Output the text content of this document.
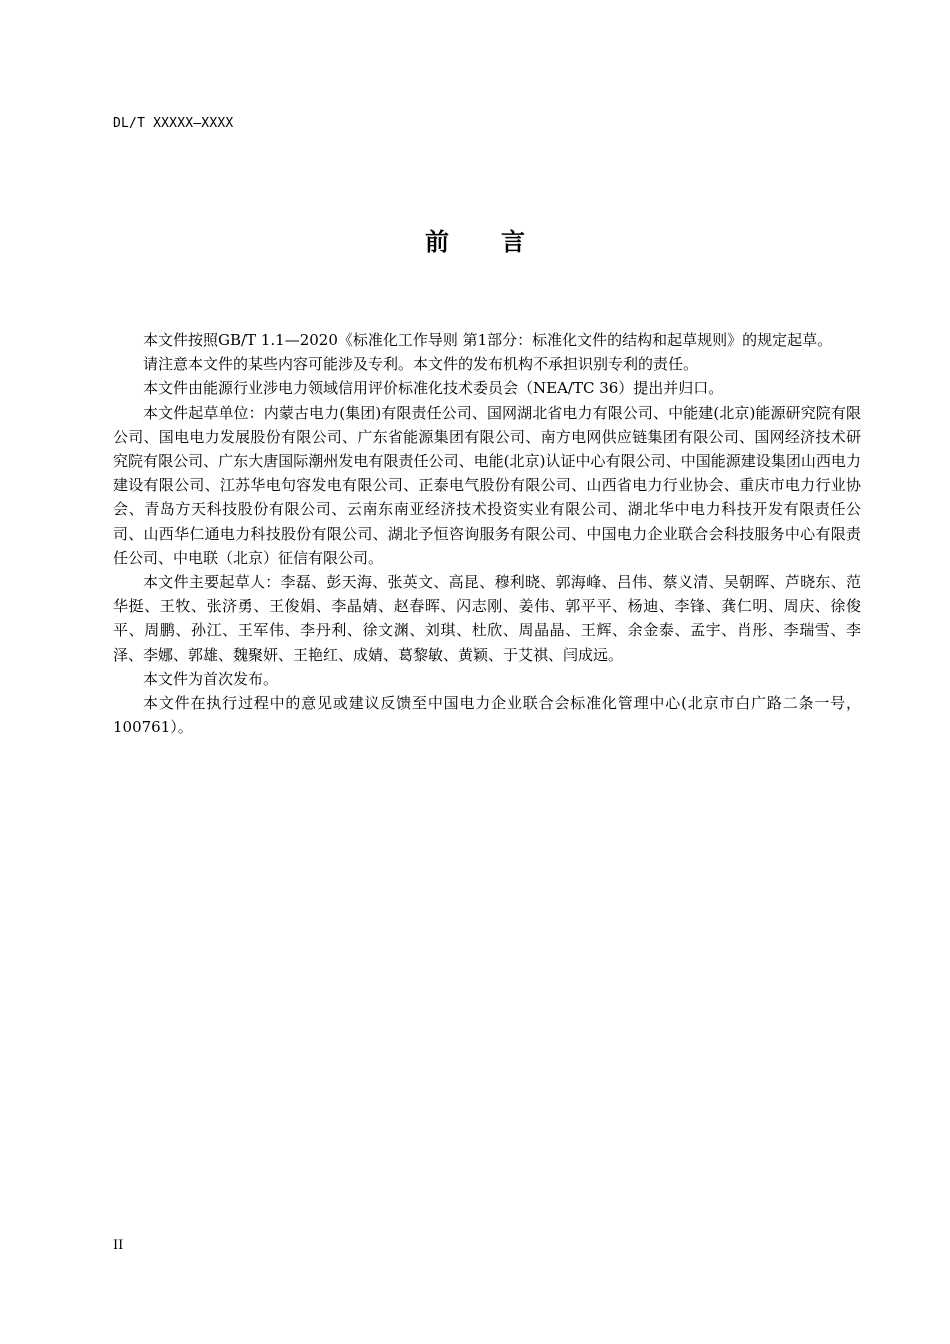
DL/T XXXXX—XXXX
前 言

本文件按照GB/T 1.1—2020《标准化工作导则 第1部分：标准化文件的结构和起草规则》的规定起草。

请注意本文件的某些内容可能涉及专利。本文件的发布机构不承担识别专利的责任。

本文件由能源行业涉电力领域信用评价标准化技术委员会（NEA/TC 36）提出并归口。

本文件起草单位：内蒙古电力(集团)有限责任公司、国网湖北省电力有限公司、中能建(北京)能源研究院有限公司、国电电力发展股份有限公司、广东省能源集团有限公司、南方电网供应链集团有限公司、国网经济技术研究院有限公司、广东大唐国际潮州发电有限责任公司、电能(北京)认证中心有限公司、中国能源建设集团山西电力建设有限公司、江苏华电句容发电有限公司、正泰电气股份有限公司、山西省电力行业协会、重庆市电力行业协会、青岛方天科技股份有限公司、云南东南亚经济技术投资实业有限公司、湖北华中电力科技开发有限责任公司、山西华仁通电力科技股份有限公司、湖北予恒咨询服务有限公司、中国电力企业联合会科技服务中心有限责任公司、中电联（北京）征信有限公司。

本文件主要起草人：李磊、彭天海、张英文、高昆、穆利晓、郭海峰、吕伟、蔡义清、吴朝晖、芦晓东、范华挺、王牧、张济勇、王俊娟、李晶婧、赵春晖、闪志刚、姜伟、郭平平、杨迪、李锋、龚仁明、周庆、徐俊平、周鹏、孙江、王军伟、李丹利、徐文渊、刘琪、杜欣、周晶晶、王辉、余金泰、孟宇、肖彤、李瑞雪、李泽、李娜、郭雄、魏聚妍、王艳红、成婧、葛黎敏、黄颖、于艾祺、闫成远。

本文件为首次发布。

本文件在执行过程中的意见或建议反馈至中国电力企业联合会标准化管理中心(北京市白广路二条一号，100761）。

II
